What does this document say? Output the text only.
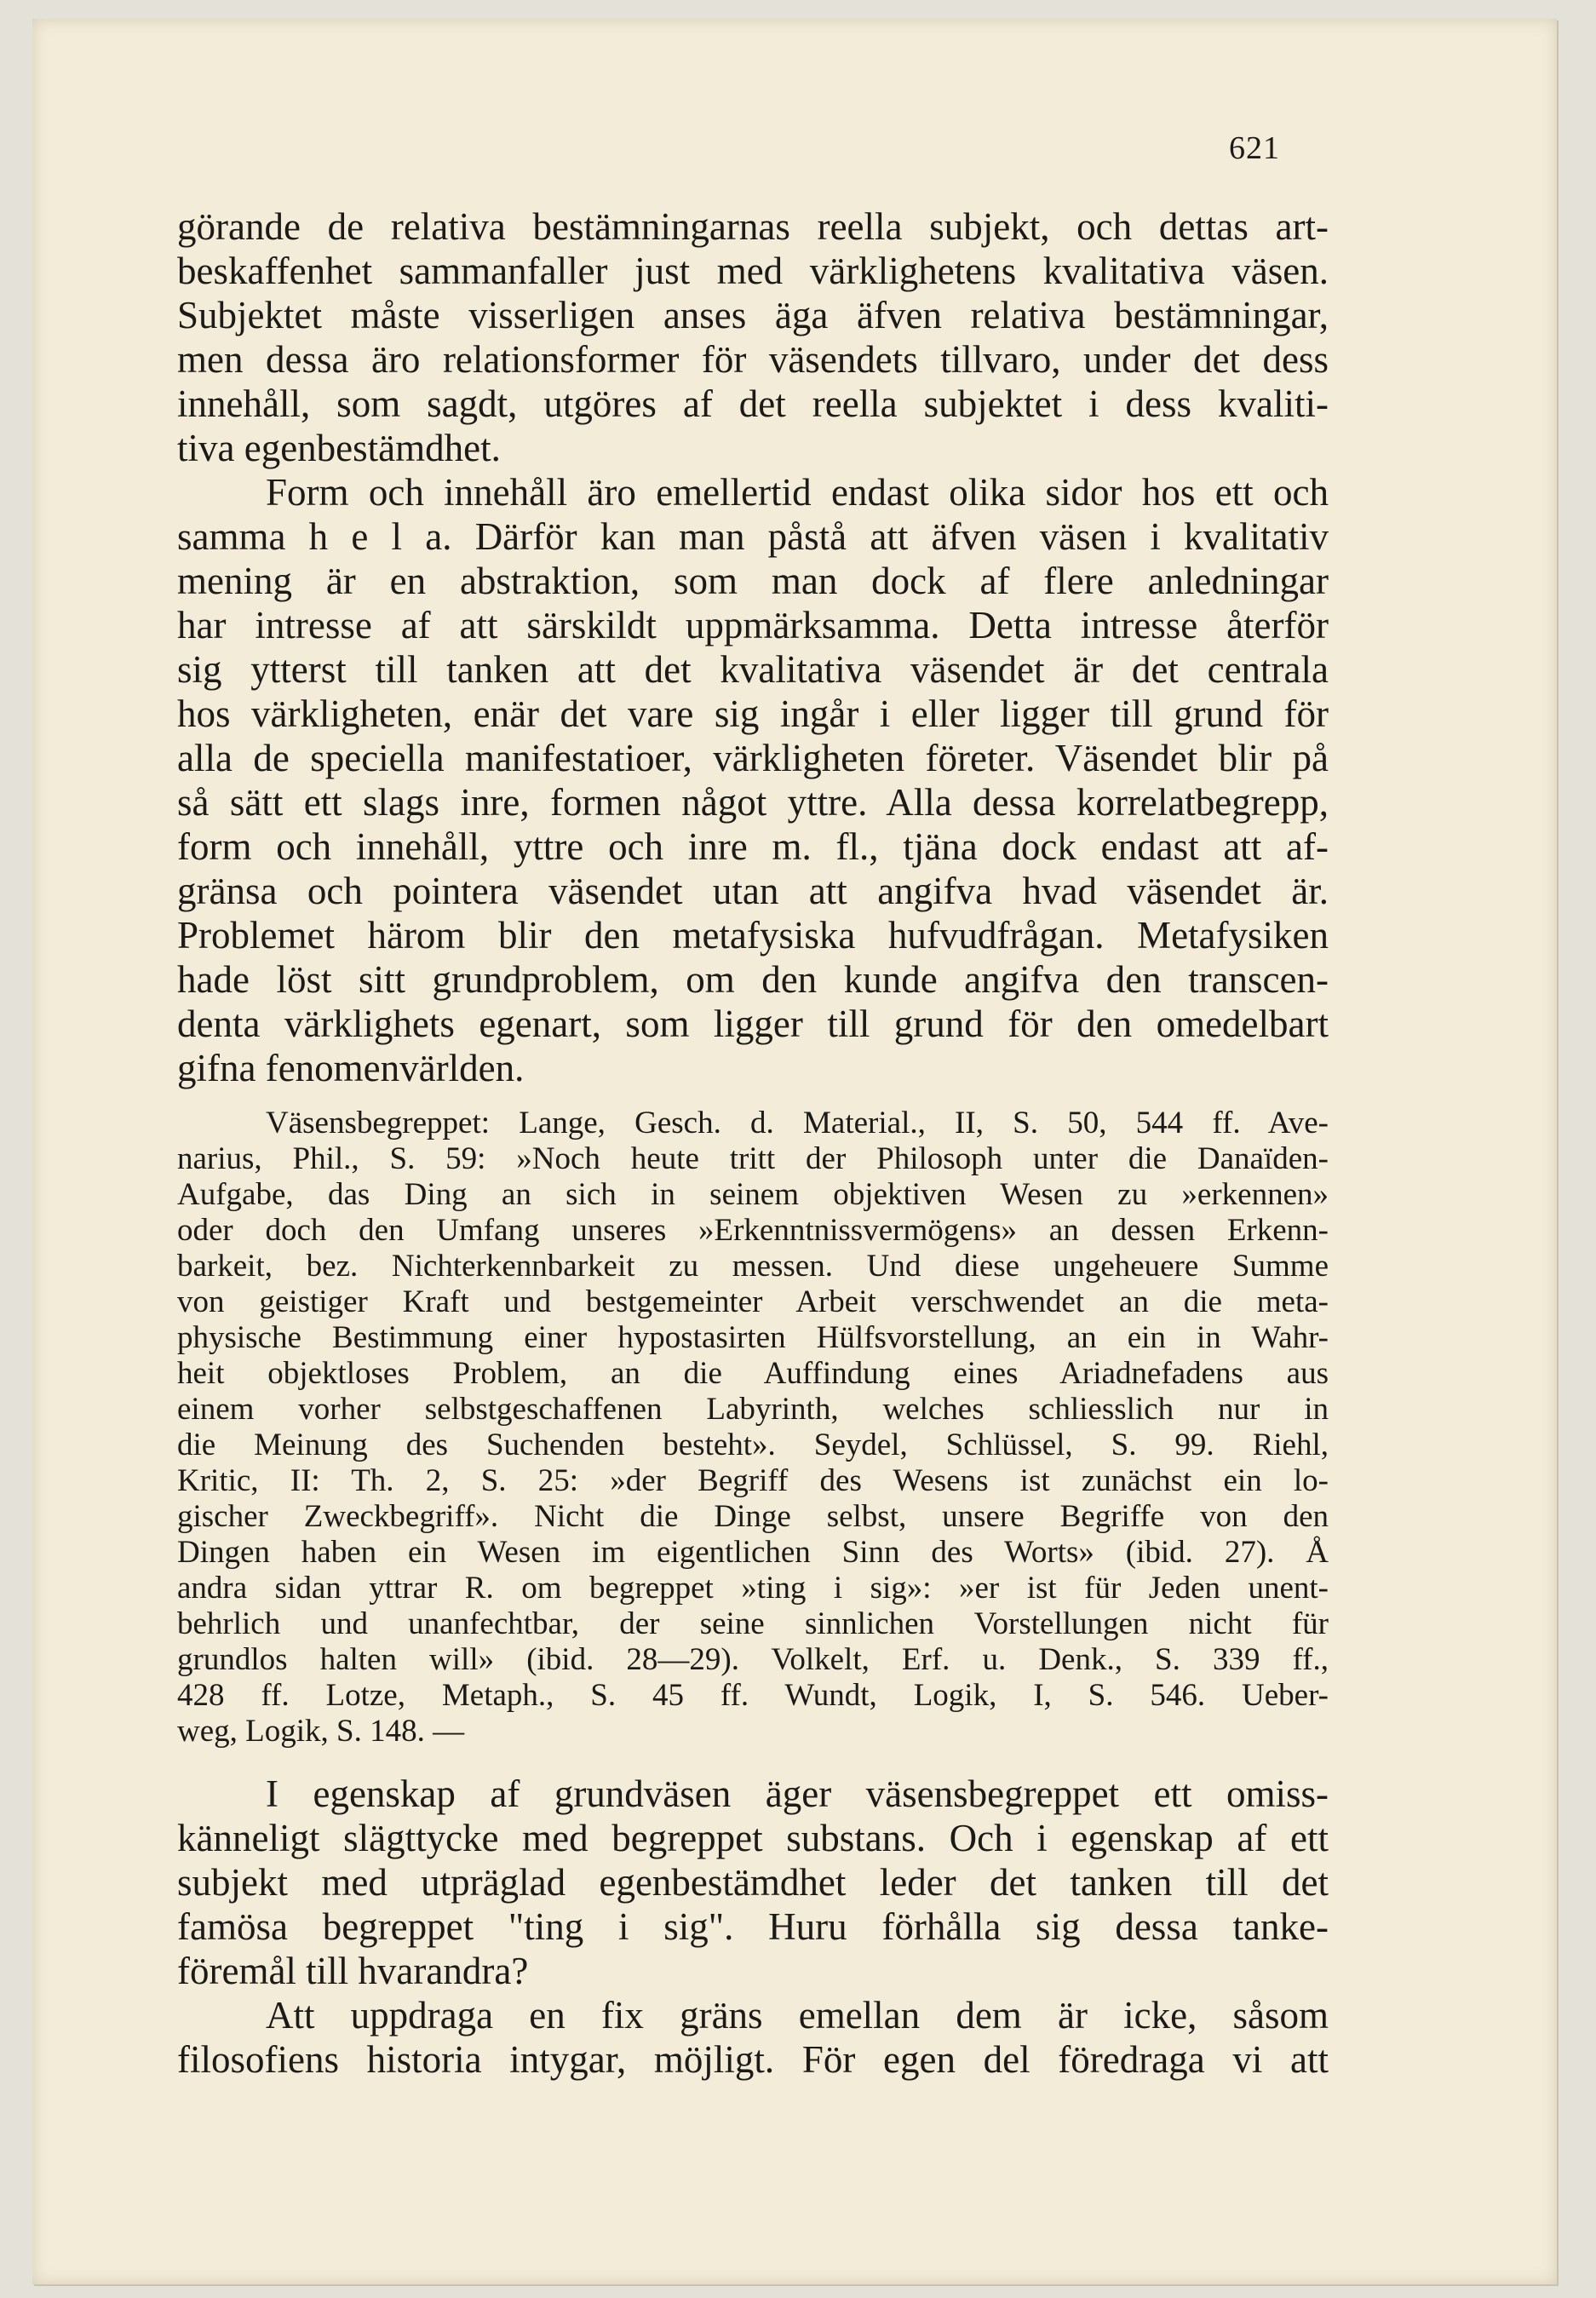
621

görande de relativa bestämningarnas reella subjekt, och dettas art-
beskaffenhet sammanfaller just med värklighetens kvalitativa väsen.
Subjektet måste visserligen anses äga äfven relativa bestämningar,
men dessa äro relationsformer för väsendets tillvaro, under det dess
innehåll, som sagdt, utgöres af det reella subjektet i dess kvaliti-
tiva egenbestämdhet.

Form och innehåll äro emellertid endast olika sidor hos ett och
samma h e l a. Därför kan man påstå att äfven väsen i kvalitativ
mening är en abstraktion, som man dock af flere anledningar
har intresse af att särskildt uppmärksamma. Detta intresse återför
sig ytterst till tanken att det kvalitativa väsendet är det centrala
hos värkligheten, enär det vare sig ingår i eller ligger till grund för
alla de speciella manifestatioer, värkligheten företer. Väsendet blir på
så sätt ett slags inre, formen något yttre. Alla dessa korrelatbegrepp,
form och innehåll, yttre och inre m. fl., tjäna dock endast att af-
gränsa och pointera väsendet utan att angifva hvad väsendet är.
Problemet härom blir den metafysiska hufvudfrågan. Metafysiken
hade löst sitt grundproblem, om den kunde angifva den transcen-
denta värklighets egenart, som ligger till grund för den omedelbart
gifna fenomenvärlden.

Väsensbegreppet: Lange, Gesch. d. Material., II, S. 50, 544 ff. Ave-
narius, Phil., S. 59: »Noch heute tritt der Philosoph unter die Danaïden-
Aufgabe, das Ding an sich in seinem objektiven Wesen zu »erkennen»
oder doch den Umfang unseres »Erkenntnissvermögens» an dessen Erkenn-
barkeit, bez. Nichterkennbarkeit zu messen. Und diese ungeheuere Summe
von geistiger Kraft und bestgemeinter Arbeit verschwendet an die meta-
physische Bestimmung einer hypostasirten Hülfsvorstellung, an ein in Wahr-
heit objektloses Problem, an die Auffindung eines Ariadnefadens aus
einem vorher selbstgeschaffenen Labyrinth, welches schliesslich nur in
die Meinung des Suchenden besteht». Seydel, Schlüssel, S. 99. Riehl,
Kritic, II: Th. 2, S. 25: »der Begriff des Wesens ist zunächst ein lo-
gischer Zweckbegriff». Nicht die Dinge selbst, unsere Begriffe von den
Dingen haben ein Wesen im eigentlichen Sinn des Worts» (ibid. 27). Å
andra sidan yttrar R. om begreppet »ting i sig»: »er ist für Jeden unent-
behrlich und unanfechtbar, der seine sinnlichen Vorstellungen nicht für
grundlos halten will» (ibid. 28—29). Volkelt, Erf. u. Denk., S. 339 ff.,
428 ff. Lotze, Metaph., S. 45 ff. Wundt, Logik, I, S. 546. Ueber-
weg, Logik, S. 148. —

I egenskap af grundväsen äger väsensbegreppet ett omiss-
känneligt slägttycke med begreppet substans. Och i egenskap af ett
subjekt med utpräglad egenbestämdhet leder det tanken till det
famösa begreppet "ting i sig". Huru förhålla sig dessa tanke-
föremål till hvarandra?

Att uppdraga en fix gräns emellan dem är icke, såsom
filosofiens historia intygar, möjligt. För egen del föredraga vi att
